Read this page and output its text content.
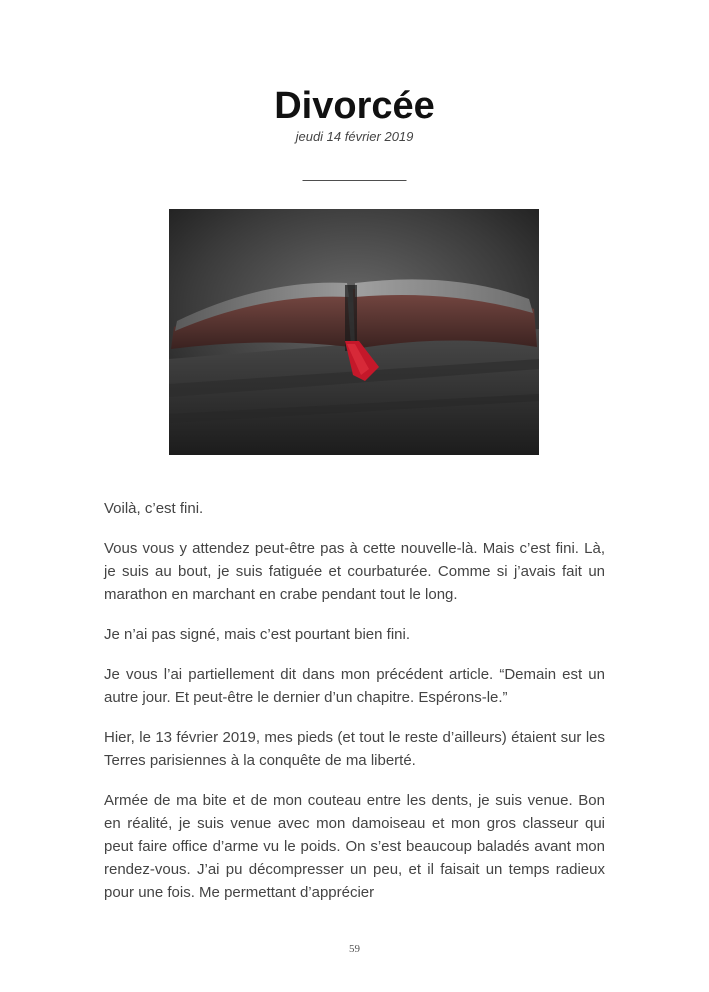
Divorcée
jeudi 14 février 2019
————————

Voilà, c’est fini.

Vous vous y attendez peut-être pas à cette nouvelle-là. Mais c’est fini. Là, je suis au bout, je suis fatiguée et courbaturée. Comme si j’avais fait un marathon en marchant en crabe pendant tout le long.

Je n’ai pas signé, mais c’est pourtant bien fini.

Je vous l’ai partiellement dit dans mon précédent article. “Demain est un autre jour. Et peut-être le dernier d’un chapitre. Espérons-le.”

Hier, le 13 février 2019, mes pieds (et tout le reste d’ailleurs) étaient sur les Terres parisiennes à la conquête de ma liberté.

Armée de ma bite et de mon couteau entre les dents, je suis venue. Bon en réalité, je suis venue avec mon damoiseau et mon gros classeur qui peut faire office d’arme vu le poids. On s’est beaucoup baladés avant mon rendez-vous. J’ai pu décompresser un peu, et il faisait un temps radieux pour une fois. Me permettant d’apprécier

59
